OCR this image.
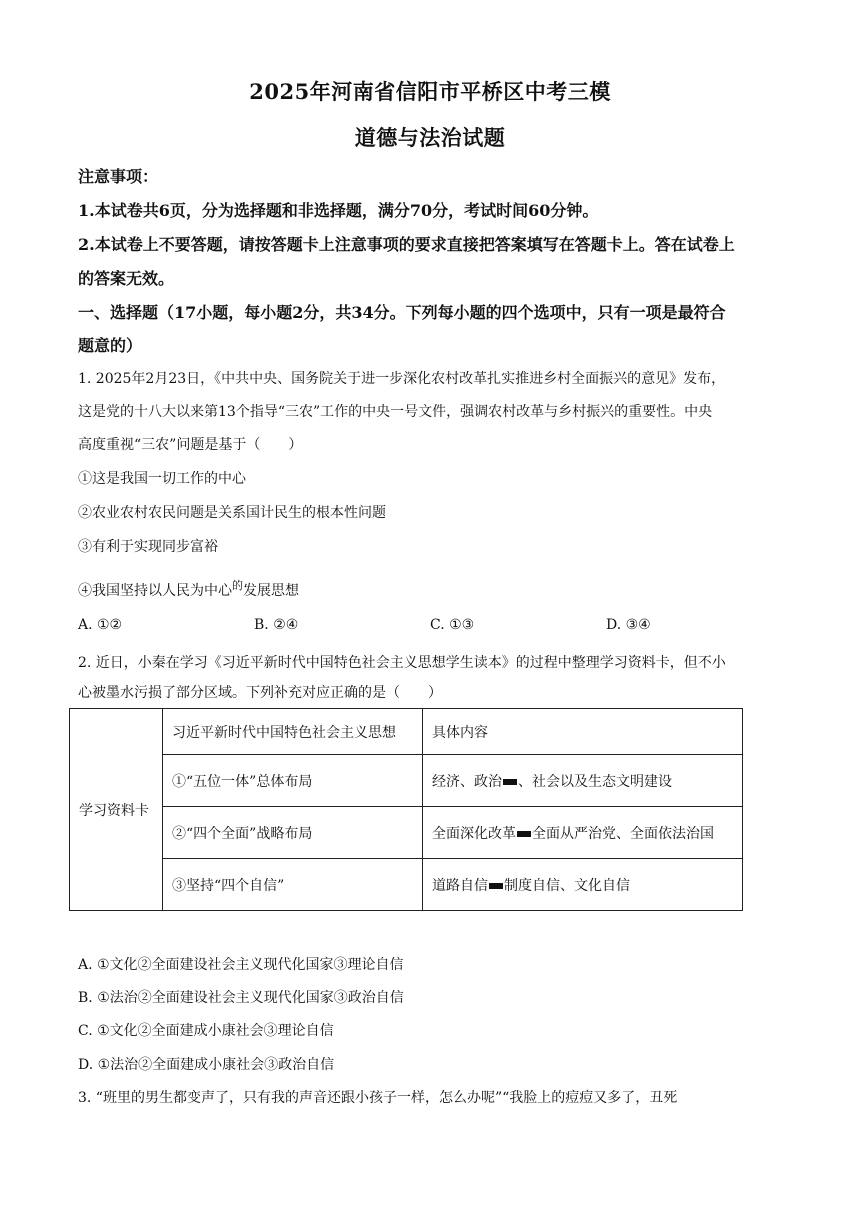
2025年河南省信阳市平桥区中考三模
道德与法治试题
注意事项：
1.本试卷共6页，分为选择题和非选择题，满分70分，考试时间60分钟。
2.本试卷上不要答题，请按答题卡上注意事项的要求直接把答案填写在答题卡上。答在试卷上
的答案无效。
一、选择题（17小题，每小题2分，共34分。下列每小题的四个选项中，只有一项是最符合
题意的）
1. 2025年2月23日，《中共中央、国务院关于进一步深化农村改革扎实推进乡村全面振兴的意见》发布，
这是党的十八大以来第13个指导“三农”工作的中央一号文件，强调农村改革与乡村振兴的重要性。中央
高度重视“三农”问题是基于（　　）
①这是我国一切工作的中心
②农业农村农民问题是关系国计民生的根本性问题
③有利于实现同步富裕
④我国坚持以人民为中心$^的$发展思想
A. ①②	B. ②④	C. ①③	D. ③④
2. 近日，小秦在学习《习近平新时代中国特色社会主义思想学生读本》的过程中整理学习资料卡，但不小
心被墨水污损了部分区域。下列补充对应正确的是（　　）
学习资料卡	习近平新时代中国特色社会主义思想	具体内容
	①“五位一体”总体布局	经济、政治 、社会以及生态文明建设
	②“四个全面”战略布局	全面深化改革 全面从严治党、全面依法治国
	③坚持“四个自信”	道路自信 制度自信、文化自信
A. ①文化②全面建设社会主义现代化国家③理论自信
B. ①法治②全面建设社会主义现代化国家③政治自信
C. ①文化②全面建成小康社会③理论自信
D. ①法治②全面建成小康社会③政治自信
3. “班里的男生都变声了，只有我的声音还跟小孩子一样，怎么办呢”“我脸上的痘痘又多了，丑死
